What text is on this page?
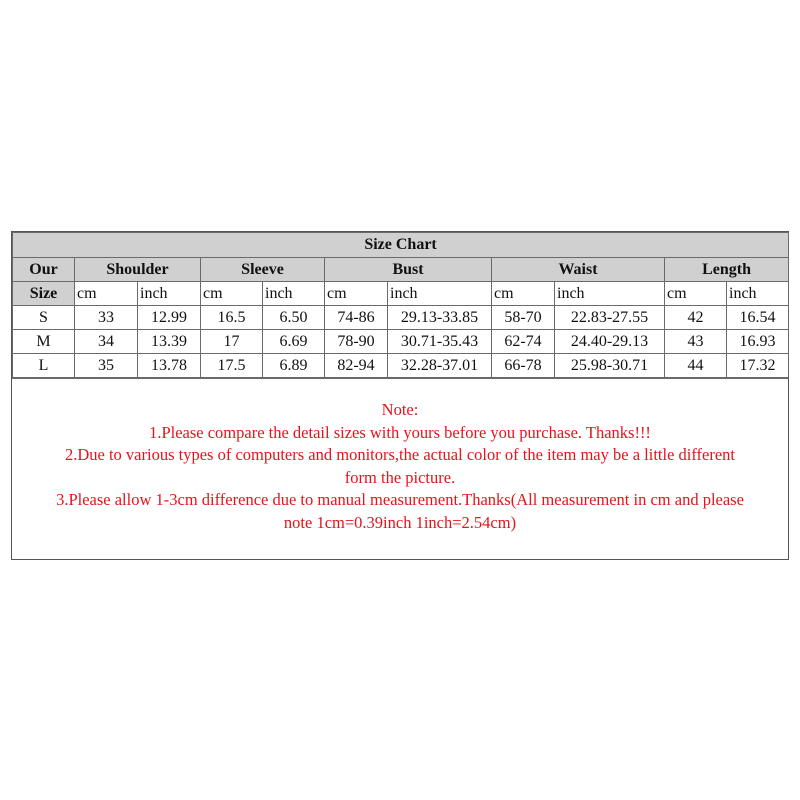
Size Chart										
Our	Shoulder		Sleeve		Bust		Waist		Length	
Size	cm	inch	cm	inch	cm	inch	cm	inch	cm	inch
S	33	12.99	16.5	6.50	74-86	29.13-33.85	58-70	22.83-27.55	42	16.54
M	34	13.39	17	6.69	78-90	30.71-35.43	62-74	24.40-29.13	43	16.93
L	35	13.78	17.5	6.89	82-94	32.28-37.01	66-78	25.98-30.71	44	17.32
Note:
1.Please compare the detail sizes with yours before you purchase. Thanks!!!
2.Due to various types of computers and monitors,the actual color of the item may be a little different
form the picture.
3.Please allow 1-3cm difference due to manual measurement.Thanks(All measurement in cm and please
note 1cm=0.39inch 1inch=2.54cm)
